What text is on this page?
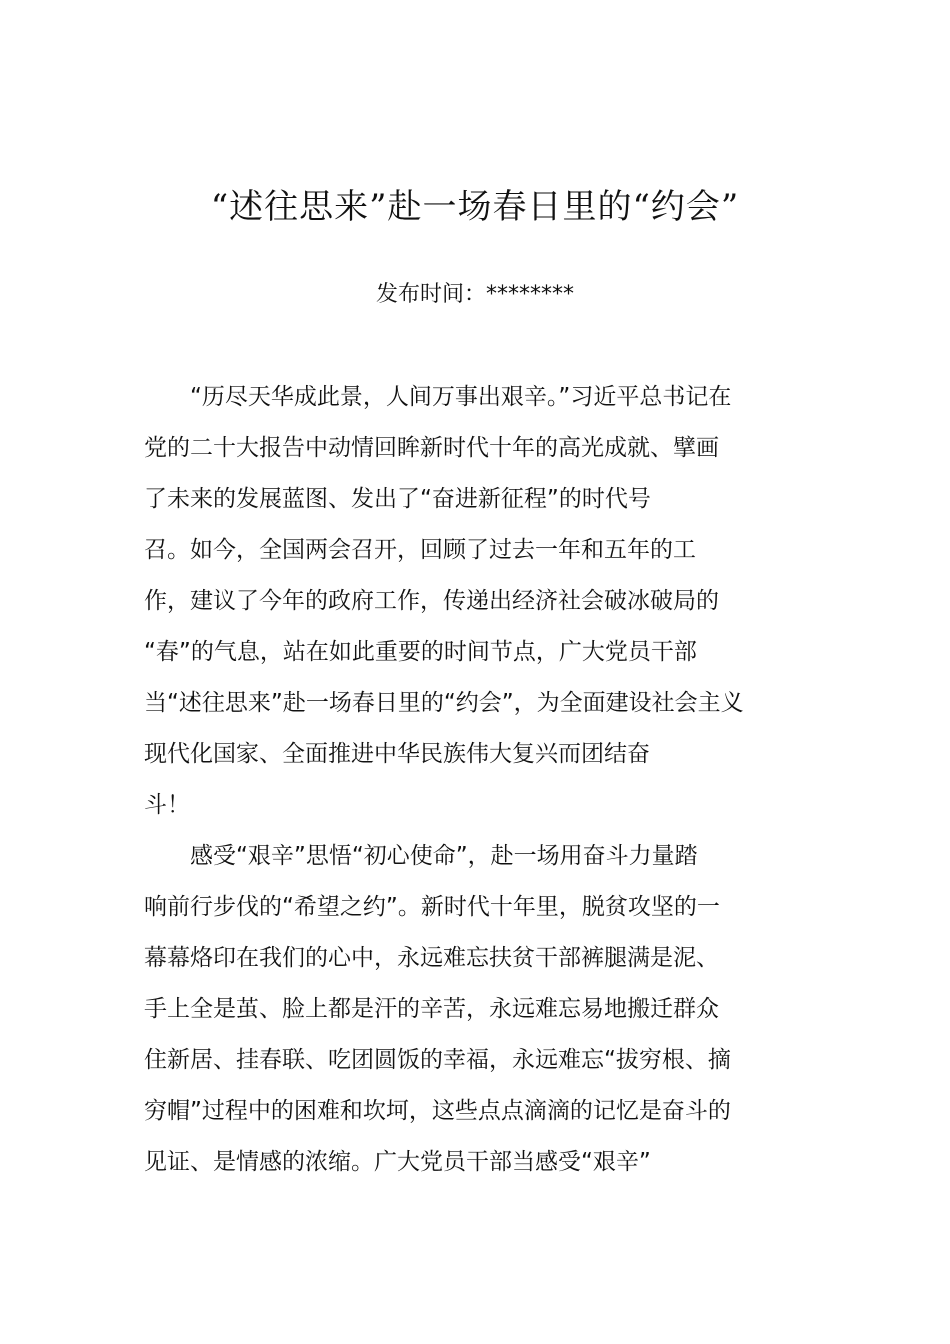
“述往思来”赴一场春日里的“约会”
发布时间：********
　　“历尽天华成此景，人间万事出艰辛。”习近平总书记在
党的二十大报告中动情回眸新时代十年的高光成就、擘画
了未来的发展蓝图、发出了“奋进新征程”的时代号
召。如今，全国两会召开，回顾了过去一年和五年的工
作，建议了今年的政府工作，传递出经济社会破冰破局的
“春”的气息，站在如此重要的时间节点，广大党员干部
当“述往思来”赴一场春日里的“约会”，为全面建设社会主义
现代化国家、全面推进中华民族伟大复兴而团结奋
斗！
　　感受“艰辛”思悟“初心使命”，赴一场用奋斗力量踏
响前行步伐的“希望之约”。新时代十年里，脱贫攻坚的一
幕幕烙印在我们的心中，永远难忘扶贫干部裤腿满是泥、
手上全是茧、脸上都是汗的辛苦，永远难忘易地搬迁群众
住新居、挂春联、吃团圆饭的幸福，永远难忘“拔穷根、摘
穷帽”过程中的困难和坎坷，这些点点滴滴的记忆是奋斗的
见证、是情感的浓缩。广大党员干部当感受“艰辛”
